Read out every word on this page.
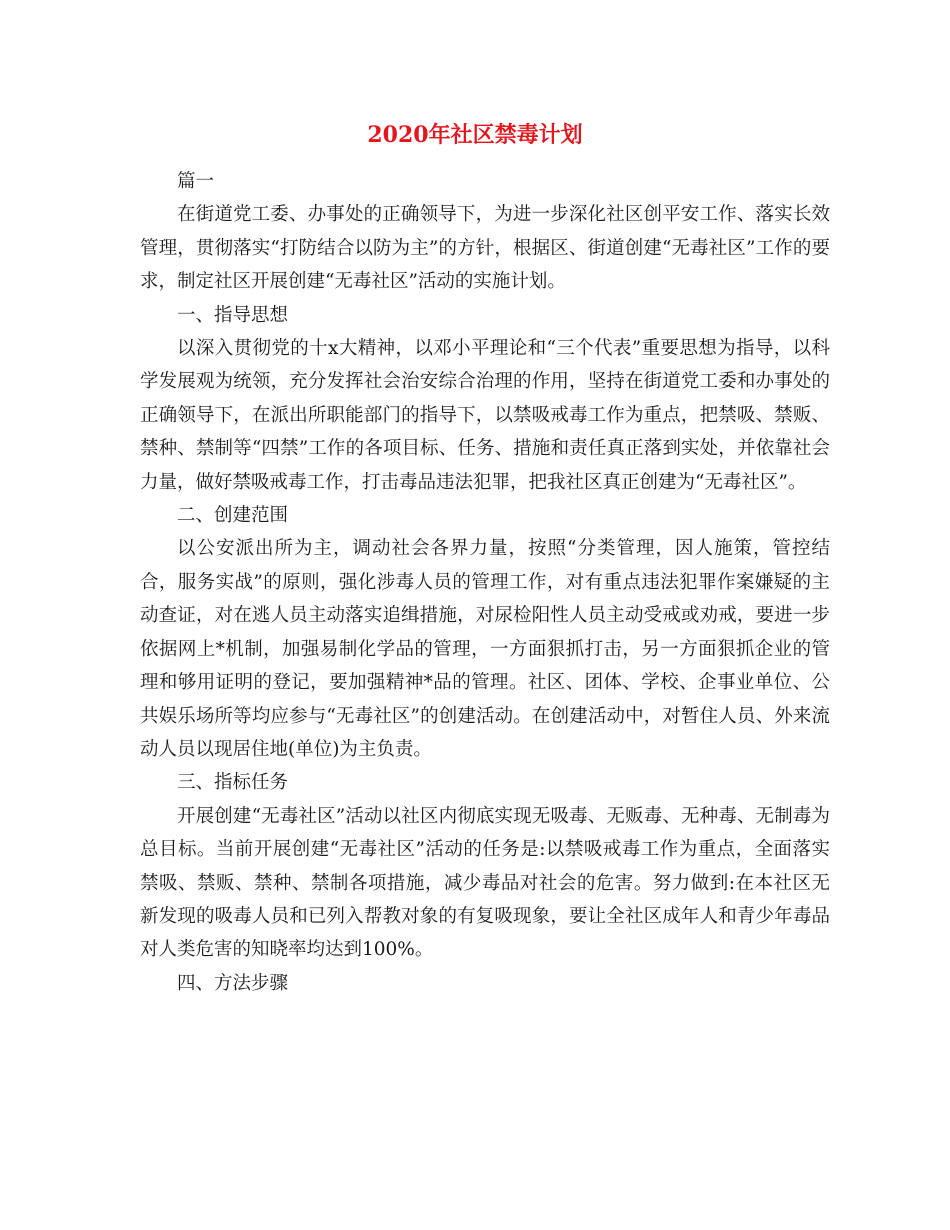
2020年社区禁毒计划

篇一

在街道党工委、办事处的正确领导下，为进一步深化社区创平安工作、落实长效管理，贯彻落实“打防结合以防为主”的方针，根据区、街道创建“无毒社区”工作的要求，制定社区开展创建“无毒社区”活动的实施计划。

一、指导思想

以深入贯彻党的十x大精神，以邓小平理论和“三个代表”重要思想为指导，以科学发展观为统领，充分发挥社会治安综合治理的作用，坚持在街道党工委和办事处的正确领导下，在派出所职能部门的指导下，以禁吸戒毒工作为重点，把禁吸、禁贩、禁种、禁制等“四禁”工作的各项目标、任务、措施和责任真正落到实处，并依靠社会力量，做好禁吸戒毒工作，打击毒品违法犯罪，把我社区真正创建为“无毒社区”。

二、创建范围

以公安派出所为主，调动社会各界力量，按照“分类管理，因人施策，管控结合，服务实战”的原则，强化涉毒人员的管理工作，对有重点违法犯罪作案嫌疑的主动查证，对在逃人员主动落实追缉措施，对尿检阳性人员主动受戒或劝戒，要进一步依据网上*机制，加强易制化学品的管理，一方面狠抓打击，另一方面狠抓企业的管理和够用证明的登记，要加强精神*品的管理。社区、团体、学校、企事业单位、公共娱乐场所等均应参与“无毒社区”的创建活动。在创建活动中，对暂住人员、外来流动人员以现居住地(单位)为主负责。

三、指标任务

开展创建“无毒社区”活动以社区内彻底实现无吸毒、无贩毒、无种毒、无制毒为总目标。当前开展创建“无毒社区”活动的任务是:以禁吸戒毒工作为重点，全面落实禁吸、禁贩、禁种、禁制各项措施，减少毒品对社会的危害。努力做到:在本社区无新发现的吸毒人员和已列入帮教对象的有复吸现象，要让全社区成年人和青少年毒品对人类危害的知晓率均达到100%。

四、方法步骤
